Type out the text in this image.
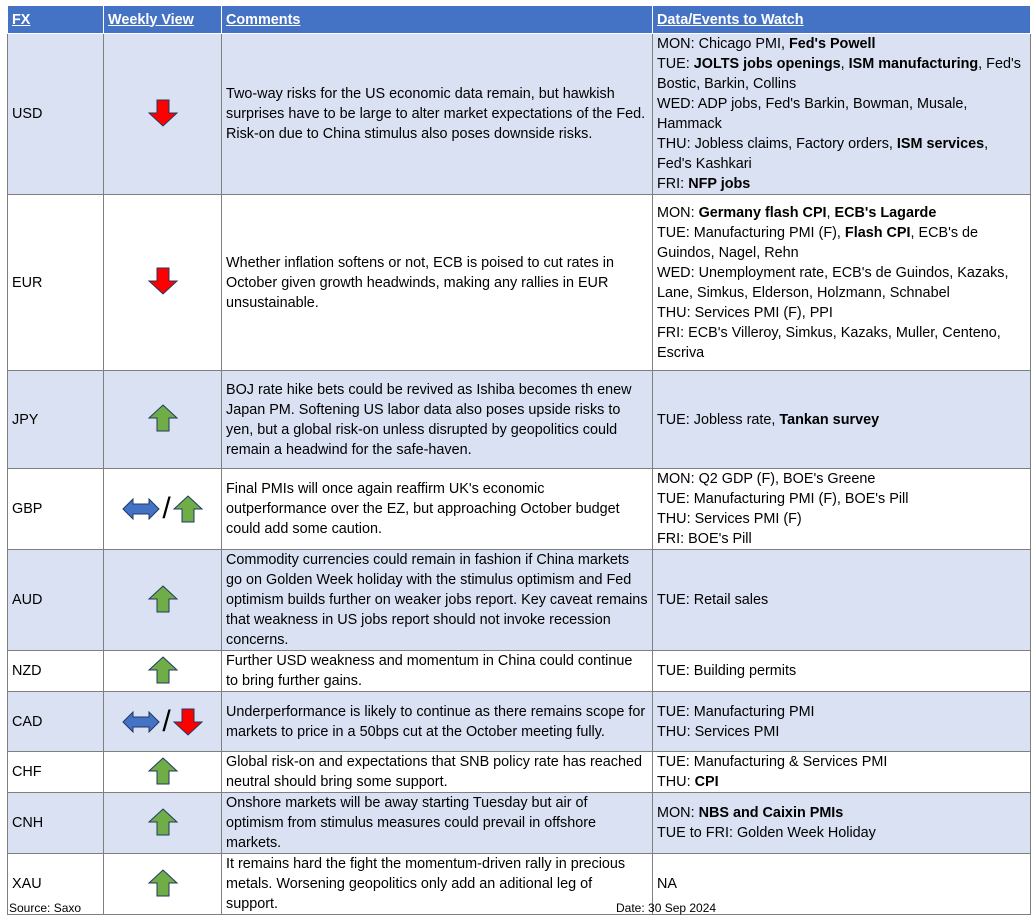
FX	Weekly View	Comments	Data/Events to Watch
USD		Two-way risks for the US economic data remain, but hawkish surprises have to be large to alter market expectations of the Fed. Risk-on due to China stimulus also poses downside risks.	MON: Chicago PMI, Fed's Powell
TUE: JOLTS jobs openings, ISM manufacturing, Fed's Bostic, Barkin, Collins
WED: ADP jobs, Fed's Barkin, Bowman, Musale, Hammack
THU: Jobless claims, Factory orders, ISM services, Fed's Kashkari
FRI: NFP jobs

EUR		Whether inflation softens or not, ECB is poised to cut rates in October given growth headwinds, making any rallies in EUR unsustainable.	MON: Germany flash CPI, ECB's Lagarde
TUE: Manufacturing PMI (F), Flash CPI, ECB's de Guindos, Nagel, Rehn
WED: Unemployment rate, ECB's de Guindos, Kazaks, Lane, Simkus, Elderson, Holzmann, Schnabel
THU: Services PMI (F), PPI
FRI: ECB's Villeroy, Simkus, Kazaks, Muller, Centeno, Escriva

JPY		BOJ rate hike bets could be revived as Ishiba becomes th enew Japan PM. Softening US labor data also poses upside risks to yen, but a global risk-on unless disrupted by geopolitics could remain a headwind for the safe-haven.	TUE: Jobless rate, Tankan survey

GBP	/	Final PMIs will once again reaffirm UK's economic outperformance over the EZ, but approaching October budget could add some caution.	MON: Q2 GDP (F), BOE's Greene
TUE: Manufacturing PMI (F), BOE's Pill
THU: Services PMI (F)
FRI: BOE's Pill

AUD		Commodity currencies could remain in fashion if China markets go on Golden Week holiday with the stimulus optimism and Fed optimism builds further on weaker jobs report. Key caveat remains that weakness in US jobs report should not invoke recession concerns.	TUE: Retail sales

NZD		Further USD weakness and momentum in China could continue to bring further gains.	TUE: Building permits

CAD	/	Underperformance is likely to continue as there remains scope for markets to price in a 50bps cut at the October meeting fully.	TUE: Manufacturing PMI
THU: Services PMI

CHF		Global risk-on and expectations that SNB policy rate has reached neutral should bring some support.	TUE: Manufacturing & Services PMI
THU: CPI

CNH		Onshore markets will be away starting Tuesday but air of optimism from stimulus measures could prevail in offshore markets.	MON: NBS and Caixin PMIs
TUE to FRI: Golden Week Holiday

XAU		It remains hard the fight the momentum-driven rally in precious metals. Worsening geopolitics only add an aditional leg of support.	NA
Source: Saxo	Date: 30 Sep 2024
